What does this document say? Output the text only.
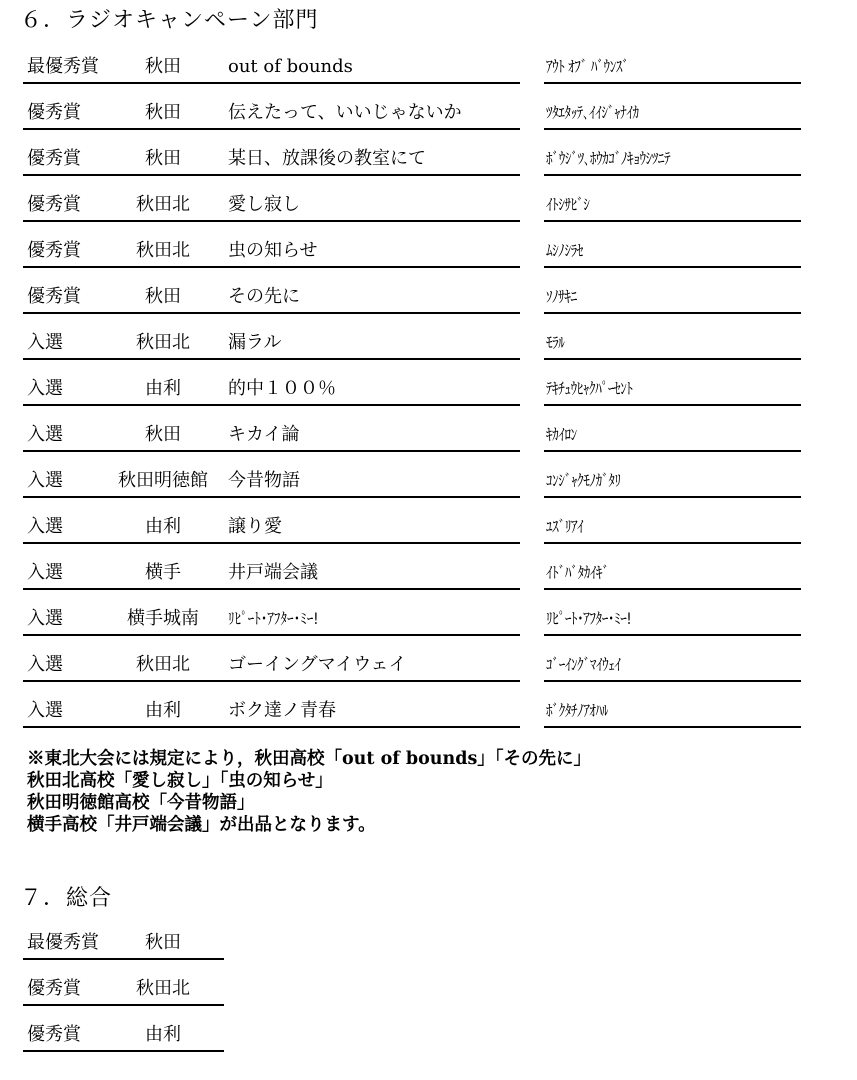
６．ラジオキャンペーン部門
最優秀賞	秋田	out of bounds	ｱｳﾄ ｵﾌﾞ ﾊﾞｳﾝｽﾞ
優秀賞	秋田	伝えたって、いいじゃないか	ﾂﾀｴﾀｯﾃ､ｲｲｼﾞｬﾅｲｶ
優秀賞	秋田	某日、放課後の教室にて	ﾎﾞｳｼﾞﾂ､ﾎｳｶｺﾞﾉｷｮｳｼﾂﾆﾃ
優秀賞	秋田北	愛し寂し	ｲﾄｼｻﾋﾞｼ
優秀賞	秋田北	虫の知らせ	ﾑｼﾉｼﾗｾ
優秀賞	秋田	その先に	ｿﾉｻｷﾆ
入選	秋田北	漏ラル	ﾓﾗﾙ
入選	由利	的中１００％	ﾃｷﾁｭｳﾋｬｸﾊﾟｰｾﾝﾄ
入選	秋田	キカイ論	ｷｶｲﾛﾝ
入選	秋田明徳館	今昔物語	ｺﾝｼﾞｬｸﾓﾉｶﾞﾀﾘ
入選	由利	譲り愛	ﾕｽﾞﾘｱｲ
入選	横手	井戸端会議	ｲﾄﾞﾊﾞﾀｶｲｷﾞ
入選	横手城南	ﾘﾋﾟｰﾄ･ｱﾌﾀｰ･ﾐｰ!	ﾘﾋﾟｰﾄ･ｱﾌﾀｰ･ﾐｰ!
入選	秋田北	ゴーイングマイウェイ	ｺﾞｰｲﾝｸﾞﾏｲｳｪｲ
入選	由利	ボク達ノ青春	ﾎﾞｸﾀﾁﾉｱｵﾊﾙ
※東北大会には規定により，秋田高校「out of bounds」「その先に」
秋田北高校「愛し寂し」「虫の知らせ」
秋田明徳館高校「今昔物語」
横手高校「井戸端会議」が出品となります。
７．総合
最優秀賞	秋田
優秀賞	秋田北
優秀賞	由利
